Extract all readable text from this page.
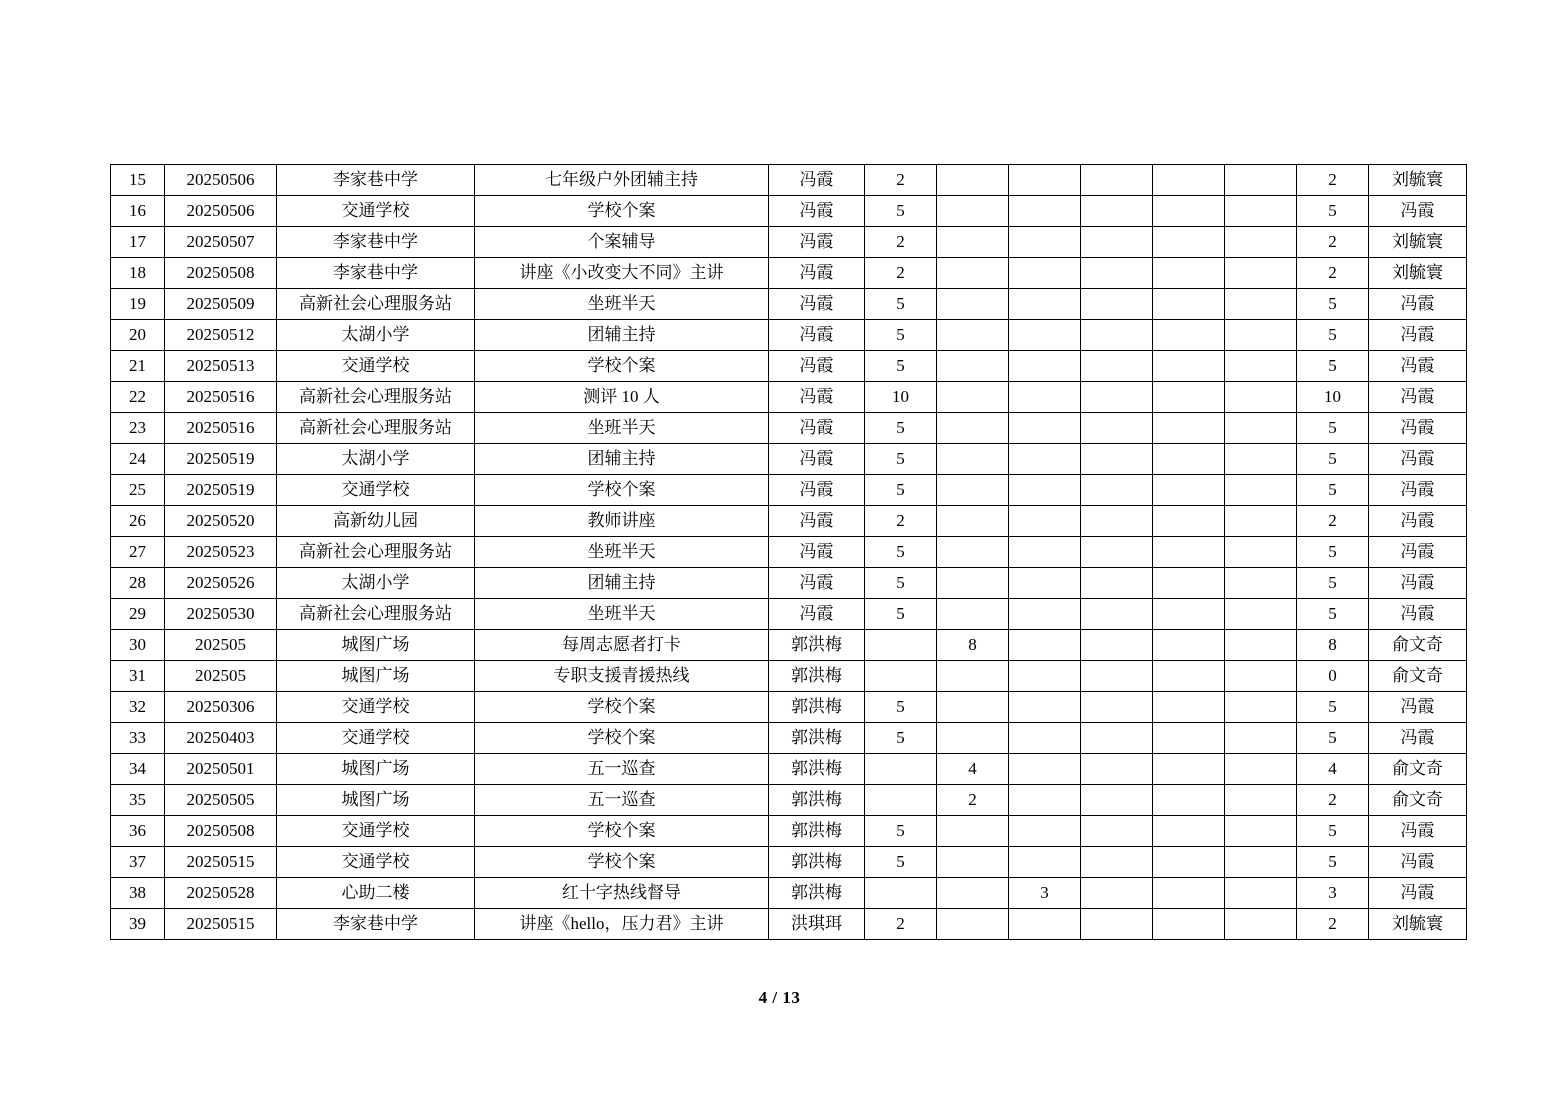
15	20250506	李家巷中学	七年级户外团辅主持	冯霞	2						2	刘毓寰
16	20250506	交通学校	学校个案	冯霞	5						5	冯霞
17	20250507	李家巷中学	个案辅导	冯霞	2						2	刘毓寰
18	20250508	李家巷中学	讲座《小改变大不同》主讲	冯霞	2						2	刘毓寰
19	20250509	高新社会心理服务站	坐班半天	冯霞	5						5	冯霞
20	20250512	太湖小学	团辅主持	冯霞	5						5	冯霞
21	20250513	交通学校	学校个案	冯霞	5						5	冯霞
22	20250516	高新社会心理服务站	测评 10 人	冯霞	10						10	冯霞
23	20250516	高新社会心理服务站	坐班半天	冯霞	5						5	冯霞
24	20250519	太湖小学	团辅主持	冯霞	5						5	冯霞
25	20250519	交通学校	学校个案	冯霞	5						5	冯霞
26	20250520	高新幼儿园	教师讲座	冯霞	2						2	冯霞
27	20250523	高新社会心理服务站	坐班半天	冯霞	5						5	冯霞
28	20250526	太湖小学	团辅主持	冯霞	5						5	冯霞
29	20250530	高新社会心理服务站	坐班半天	冯霞	5						5	冯霞
30	202505	城图广场	每周志愿者打卡	郭洪梅		8					8	俞文奇
31	202505	城图广场	专职支援青援热线	郭洪梅							0	俞文奇
32	20250306	交通学校	学校个案	郭洪梅	5						5	冯霞
33	20250403	交通学校	学校个案	郭洪梅	5						5	冯霞
34	20250501	城图广场	五一巡查	郭洪梅		4					4	俞文奇
35	20250505	城图广场	五一巡查	郭洪梅		2					2	俞文奇
36	20250508	交通学校	学校个案	郭洪梅	5						5	冯霞
37	20250515	交通学校	学校个案	郭洪梅	5						5	冯霞
38	20250528	心助二楼	红十字热线督导	郭洪梅			3				3	冯霞
39	20250515	李家巷中学	讲座《hello，压力君》主讲	洪琪珥	2						2	刘毓寰
4 / 13
